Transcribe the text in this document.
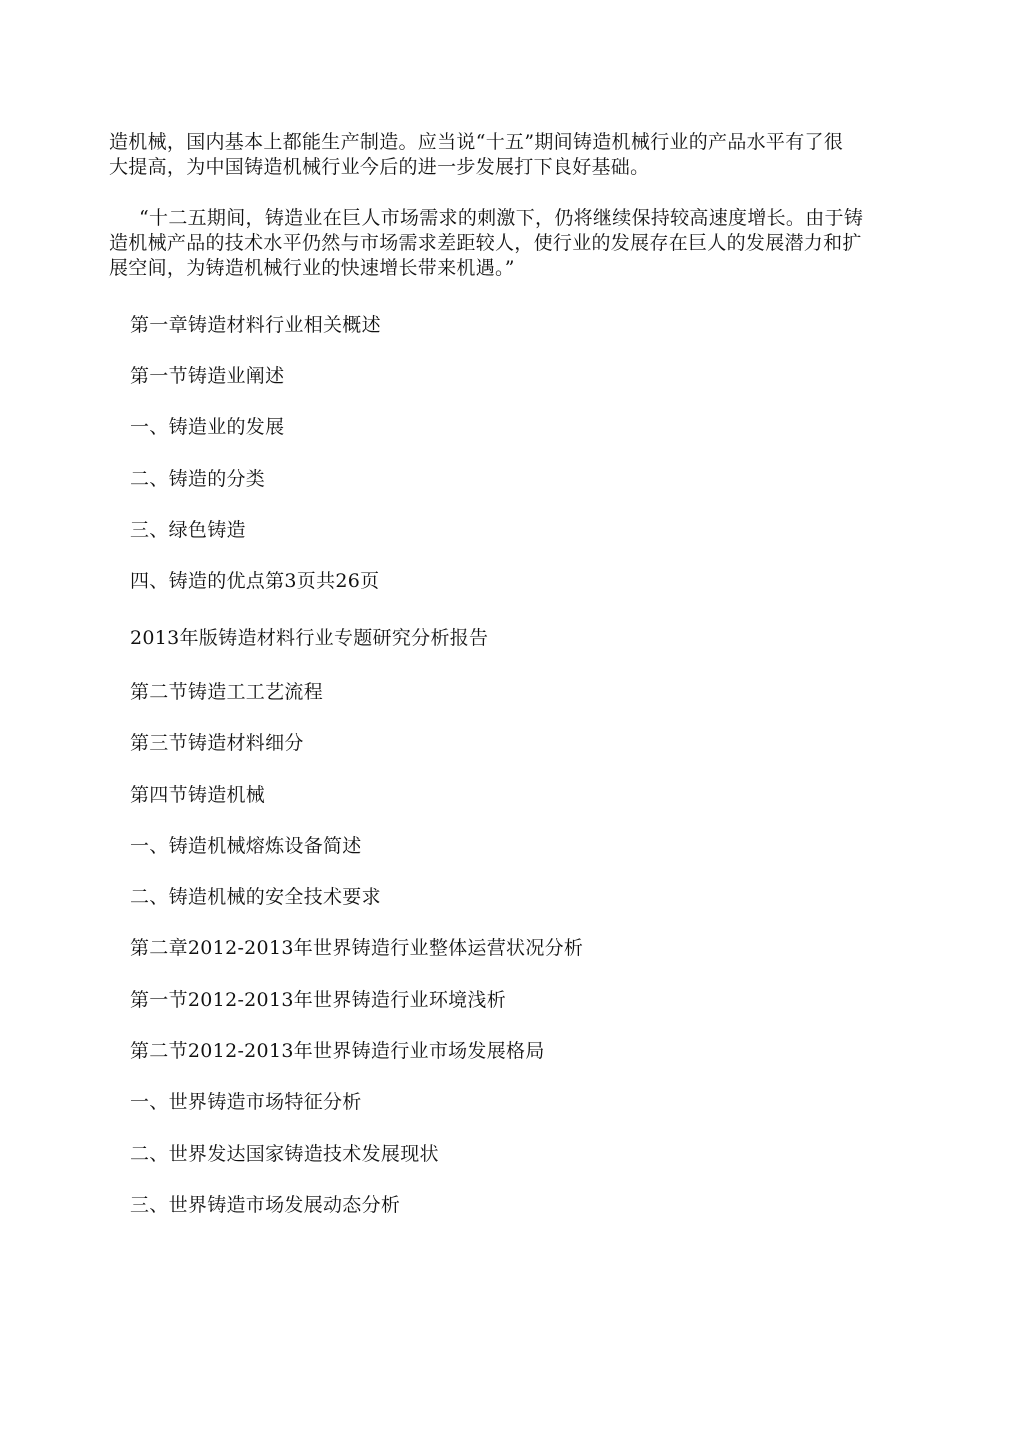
造机械，国内基本上都能生产制造。应当说“十五”期间铸造机械行业的产品水平有了很
大提高，为中国铸造机械行业今后的进一步发展打下良好基础。

“十二五期间，铸造业在巨人市场需求的刺激下，仍将继续保持较高速度增长。由于铸
造机械产品的技术水平仍然与市场需求差距较人，使行业的发展存在巨人的发展潜力和扩
展空间，为铸造机械行业的快速增长带来机遇。”

第一章铸造材料行业相关概述

第一节铸造业阐述

一、铸造业的发展

二、铸造的分类

三、绿色铸造

四、铸造的优点第3页共26页

2013年版铸造材料行业专题研究分析报告

第二节铸造工工艺流程

第三节铸造材料细分

第四节铸造机械

一、铸造机械熔炼设备简述

二、铸造机械的安全技术要求

第二章2012-2013年世界铸造行业整体运营状况分析

第一节2012-2013年世界铸造行业环境浅析

第二节2012-2013年世界铸造行业市场发展格局

一、世界铸造市场特征分析

二、世界发达国家铸造技术发展现状

三、世界铸造市场发展动态分析
